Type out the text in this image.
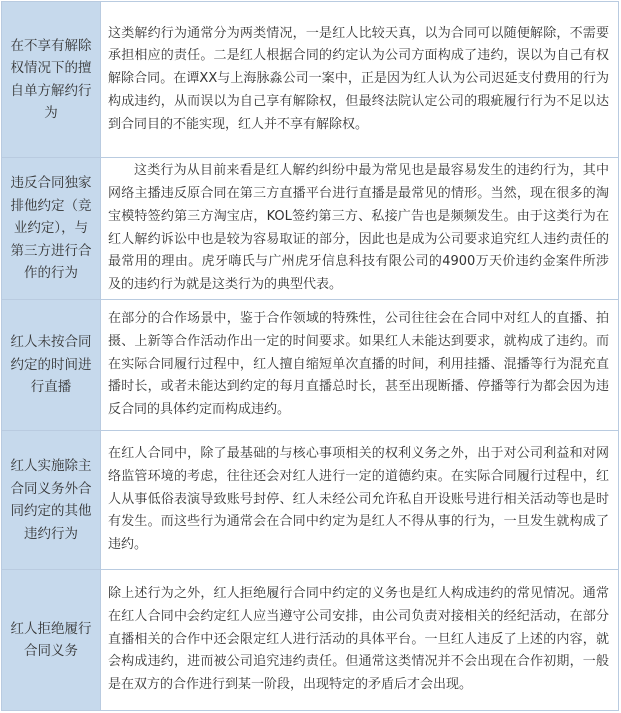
在不享有解除权情况下的擅自单方解约行为	这类解约行为通常分为两类情况，一是红人比较天真，以为合同可以随便解除，不需要承担相应的责任。二是红人根据合同的约定认为公司方面构成了违约，误以为自己有权解除合同。在谭XX与上海脉淼公司一案中，正是因为红人认为公司迟延支付费用的行为构成违约，从而误以为自己享有解除权，但最终法院认定公司的瑕疵履行行为不足以达到合同目的不能实现，红人并不享有解除权。

违反合同独家排他约定（竞业约定），与第三方进行合作的行为	这类行为从目前来看是红人解约纠纷中最为常见也是最容易发生的违约行为，其中网络主播违反原合同在第三方直播平台进行直播是最常见的情形。当然，现在很多的淘宝模特签约第三方淘宝店，KOL签约第三方、私接广告也是频频发生。由于这类行为在红人解约诉讼中也是较为容易取证的部分，因此也是成为公司要求追究红人违约责任的最常用的理由。虎牙嗨氏与广州虎牙信息科技有限公司的4900万天价违约金案件所涉及的违约行为就是这类行为的典型代表。

红人未按合同约定的时间进行直播	在部分的合作场景中，鉴于合作领域的特殊性，公司往往会在合同中对红人的直播、拍摄、上新等合作活动作出一定的时间要求。如果红人未能达到要求，就构成了违约。而在实际合同履行过程中，红人擅自缩短单次直播的时间，利用挂播、混播等行为混充直播时长，或者未能达到约定的每月直播总时长，甚至出现断播、停播等行为都会因为违反合同的具体约定而构成违约。

红人实施除主合同义务外合同约定的其他违约行为	在红人合同中，除了最基础的与核心事项相关的权利义务之外，出于对公司利益和对网络监管环境的考虑，往往还会对红人进行一定的道德约束。在实际合同履行过程中，红人从事低俗表演导致账号封停、红人未经公司允许私自开设账号进行相关活动等也是时有发生。而这些行为通常会在合同中约定为是红人不得从事的行为，一旦发生就构成了违约。

红人拒绝履行合同义务	除上述行为之外，红人拒绝履行合同中约定的义务也是红人构成违约的常见情况。通常在红人合同中会约定红人应当遵守公司安排，由公司负责对接相关的经纪活动，在部分直播相关的合作中还会限定红人进行活动的具体平台。一旦红人违反了上述的内容，就会构成违约，进而被公司追究违约责任。但通常这类情况并不会出现在合作初期，一般是在双方的合作进行到某一阶段，出现特定的矛盾后才会出现。
